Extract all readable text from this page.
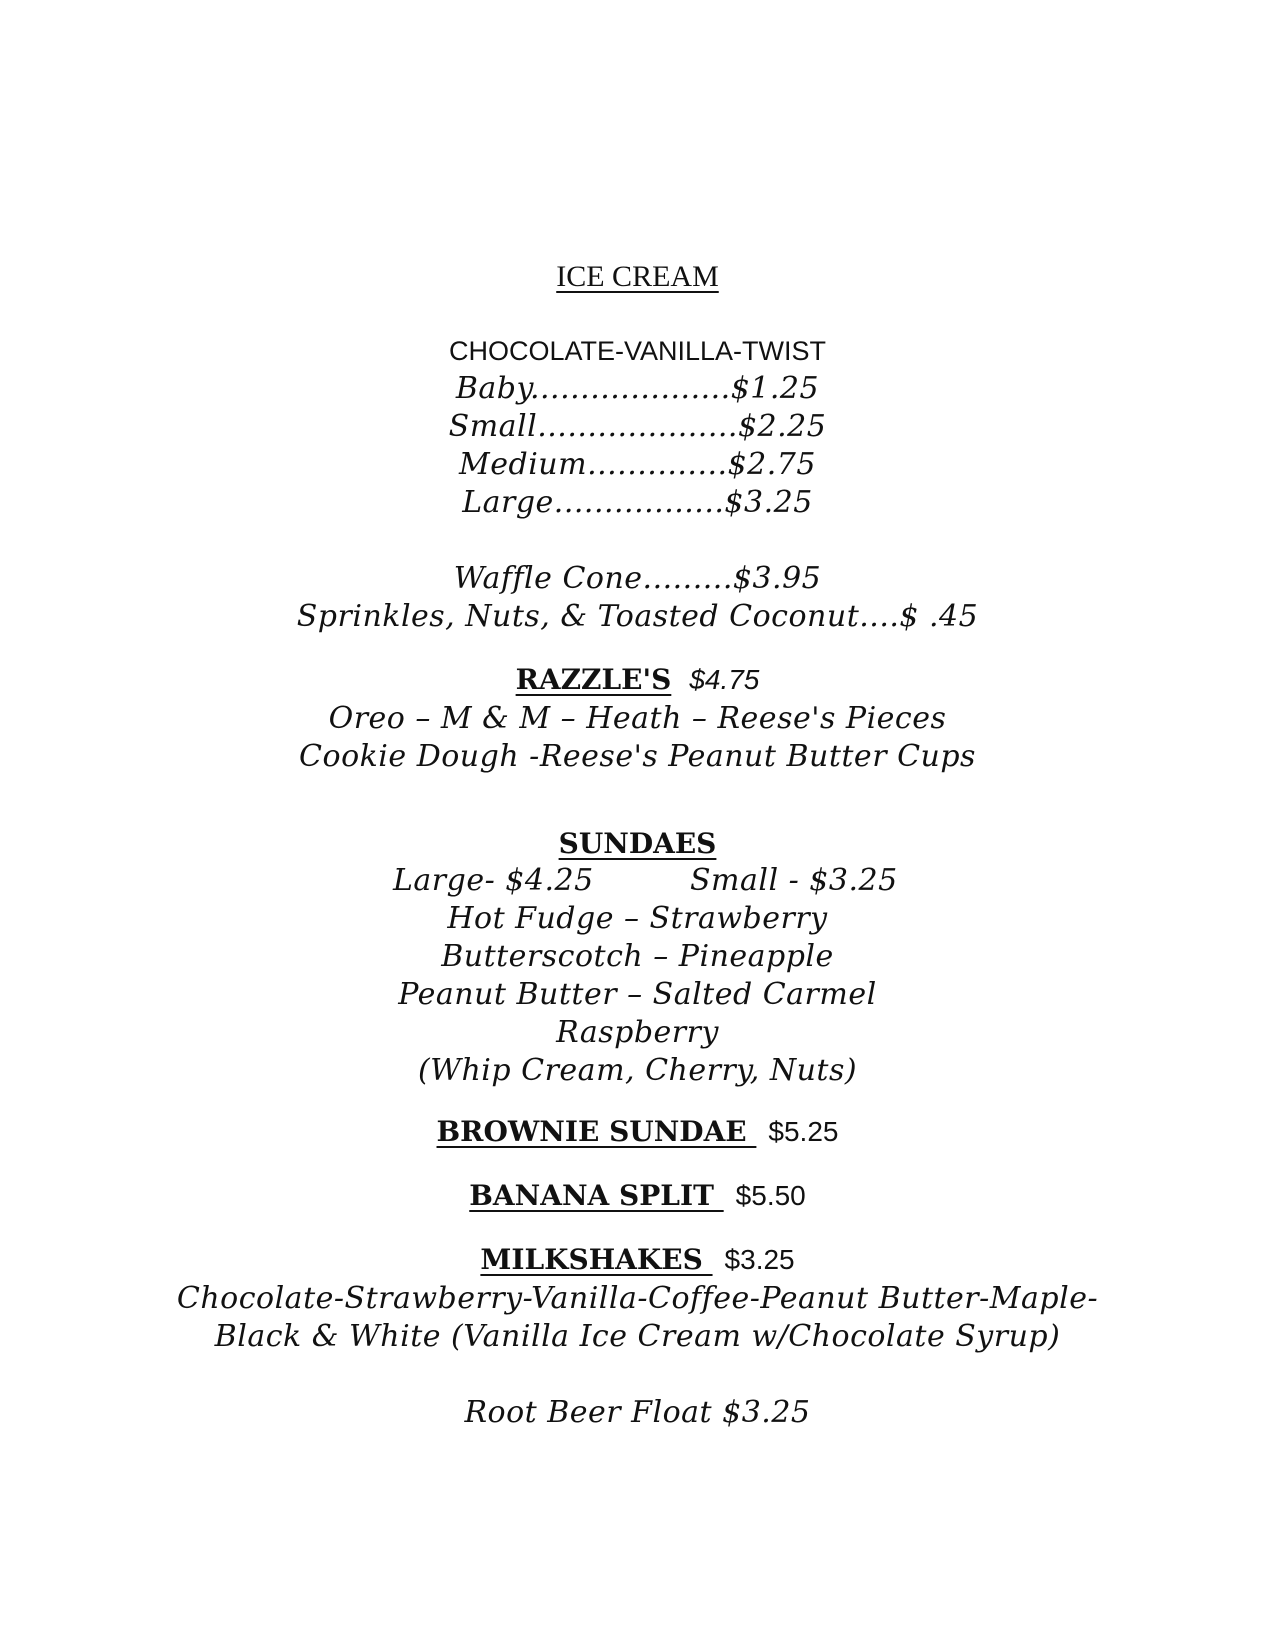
ICE CREAM
CHOCOLATE-VANILLA-TWIST
Baby....................$1.25
Small....................$2.25
Medium..............$2.75
Large.................$3.25
Waffle Cone.........$3.95
Sprinkles, Nuts, & Toasted Coconut....$ .45
RAZZLE'S $4.75
Oreo – M & M – Heath – Reese's Pieces
Cookie Dough -Reese's Peanut Butter Cups
SUNDAES
Large- $4.25	Small - $3.25
Hot Fudge – Strawberry
Butterscotch – Pineapple
Peanut Butter – Salted Carmel
Raspberry
(Whip Cream, Cherry, Nuts)
BROWNIE SUNDAE $5.25
BANANA SPLIT $5.50
MILKSHAKES $3.25
Chocolate-Strawberry-Vanilla-Coffee-Peanut Butter-Maple-
Black & White (Vanilla Ice Cream w/Chocolate Syrup)
Root Beer Float $3.25
